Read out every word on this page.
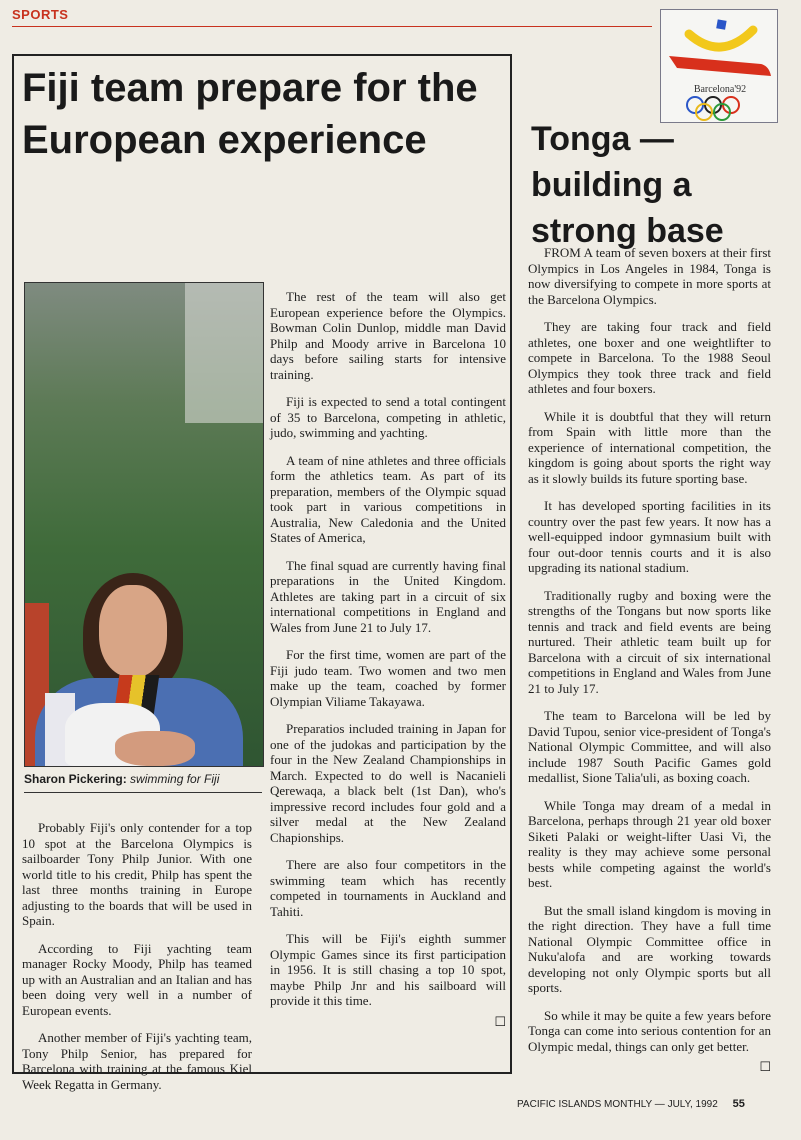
SPORTS
Barcelona'92
Sharon Pickering: swimming for Fiji

Probably Fiji's only contender for a top 10 spot at the Barcelona Olympics is sailboarder Tony Philp Junior. With one world title to his credit, Philp has spent the last three months training in Europe adjusting to the boards that will be used in Spain.

According to Fiji yachting team manager Rocky Moody, Philp has teamed up with an Australian and an Italian and has been doing very well in a number of European events.

Another member of Fiji's yachting team, Tony Philp Senior, has prepared for Barcelona with training at the famous Kiel Week Regatta in Germany.

The rest of the team will also get European experience before the Olympics. Bowman Colin Dunlop, middle man David Philp and Moody arrive in Barcelona 10 days before sailing starts for intensive training.

Fiji is expected to send a total contingent of 35 to Barcelona, competing in athletic, judo, swimming and yachting.

A team of nine athletes and three officials form the athletics team. As part of its preparation, members of the Olympic squad took part in various competitions in Australia, New Caledonia and the United States of America,

The final squad are currently having final preparations in the United Kingdom. Athletes are taking part in a circuit of six international competitions in England and Wales from June 21 to July 17.

For the first time, women are part of the Fiji judo team. Two women and two men make up the team, coached by former Olympian Viliame Takayawa.

Preparatios included training in Japan for one of the judokas and participation by the four in the New Zealand Championships in March. Expected to do well is Nacanieli Qerewaqa, a black belt (1st Dan), who's impressive record includes four gold and a silver medal at the New Zealand Chapionships.

There are also four competitors in the swimming team which has recently competed in tournaments in Auckland and Tahiti.

This will be Fiji's eighth summer Olympic Games since its first participation in 1956. It is still chasing a top 10 spot, maybe Philp Jnr and his sailboard will provide it this time.

☐
Fiji team prepare for the European experience	Tonga — building a strong base

FROM A team of seven boxers at their first Olympics in Los Angeles in 1984, Tonga is now diversifying to compete in more sports at the Barcelona Olympics.

They are taking four track and field athletes, one boxer and one weightlifter to compete in Barcelona. To the 1988 Seoul Olympics they took three track and field athletes and four boxers.

While it is doubtful that they will return from Spain with little more than the experience of international competition, the kingdom is going about sports the right way as it slowly builds its future sporting base.

It has developed sporting facilities in its country over the past few years. It now has a well-equipped indoor gymnasium built with four out-door tennis courts and it is also upgrading its national stadium.

Traditionally rugby and boxing were the strengths of the Tongans but now sports like tennis and track and field events are being nurtured. Their athletic team built up for Barcelona with a circuit of six international competitions in England and Wales from June 21 to July 17.

The team to Barcelona will be led by David Tupou, senior vice-president of Tonga's National Olympic Committee, and will also include 1987 South Pacific Games gold medallist, Sione Talia'uli, as boxing coach.

While Tonga may dream of a medal in Barcelona, perhaps through 21 year old boxer Siketi Palaki or weight-lifter Uasi Vi, the reality is they may achieve some personal bests while competing against the world's best.

But the small island kingdom is moving in the right direction. They have a full time National Olympic Committee office in Nuku'alofa and are working towards developing not only Olympic sports but all sports.

So while it may be quite a few years before Tonga can come into serious contention for an Olympic medal, things can only get better.

☐
PACIFIC ISLANDS MONTHLY — JULY, 1992 55
